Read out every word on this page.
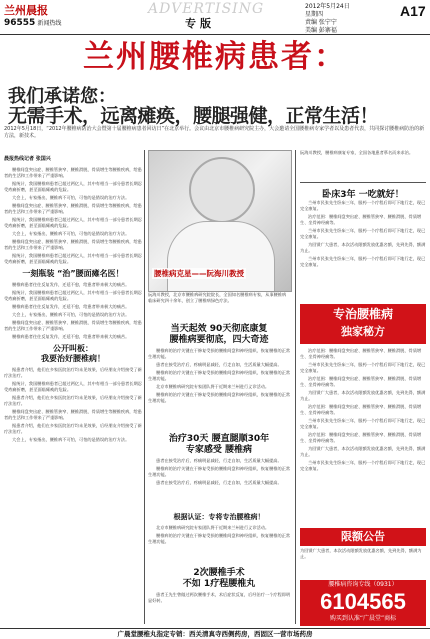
兰州晨报
96555 新闻热线
ADVERTISING
专版
2012年5月24日
星期四
责编 张宁宁
美编 彭寨福
A17
兰州腰椎病患者：
我们承诺您：
无需手术，远离瘫痪，腰腿强健，正常生活！
2012年5月18日，“2012年腰椎病防治大会暨第十届腰椎病患者回访日”在北京举行。会议由北京市腰椎病研究院主办，大会邀请全国腰椎病专家学者以及患者代表，共同探讨腰椎病防治的新方法，新技术。
晨报热线记者 张国兴

腰椎间盘突出症、腰椎管狭窄、腰椎滑脱、骨质增生等腰椎疾病，给患者的生活和工作带来了严重影响。

据统计，我国腰椎病患者已超过两亿人，其中有相当一部分患者长期忍受疼痛折磨，甚至面临瘫痪的危险。

大会上，专家指出，腰椎病不可怕，可怕的是错误的治疗方法。

腰椎间盘突出症、腰椎管狭窄、腰椎滑脱、骨质增生等腰椎疾病，给患者的生活和工作带来了严重影响。

据统计，我国腰椎病患者已超过两亿人，其中有相当一部分患者长期忍受疼痛折磨，甚至面临瘫痪的危险。

大会上，专家指出，腰椎病不可怕，可怕的是错误的治疗方法。

腰椎间盘突出症、腰椎管狭窄、腰椎滑脱、骨质增生等腰椎疾病，给患者的生活和工作带来了严重影响。

据统计，我国腰椎病患者已超过两亿人，其中有相当一部分患者长期忍受疼痛折磨，甚至面临瘫痪的危险。

一刻瓶装 “治”腰面瘫名医！

腰椎病患者往往反复发作，迁延不愈，给患者带来极大的痛苦。

据统计，我国腰椎病患者已超过两亿人，其中有相当一部分患者长期忍受疼痛折磨，甚至面临瘫痪的危险。

腰椎病患者往往反复发作，迁延不愈，给患者带来极大的痛苦。

大会上，专家指出，腰椎病不可怕，可怕的是错误的治疗方法。

腰椎间盘突出症、腰椎管狭窄、腰椎滑脱、骨质增生等腰椎疾病，给患者的生活和工作带来了严重影响。

腰椎病患者往往反复发作，迁延不愈，给患者带来极大的痛苦。

公开叫板：
我要治好腰椎病！

据患者介绍，他们在多家医院治疗均未见效果，后经朋友介绍接受了新疗法治疗。

据统计，我国腰椎病患者已超过两亿人，其中有相当一部分患者长期忍受疼痛折磨，甚至面临瘫痪的危险。

据患者介绍，他们在多家医院治疗均未见效果，后经朋友介绍接受了新疗法治疗。

腰椎间盘突出症、腰椎管狭窄、腰椎滑脱、骨质增生等腰椎疾病，给患者的生活和工作带来了严重影响。

据患者介绍，他们在多家医院治疗均未见效果，后经朋友介绍接受了新疗法治疗。

大会上，专家指出，腰椎病不可怕，可怕的是错误的治疗方法。

腰椎病克星——阮海川教授
阮海川教授，北京市腰椎病研究院院长，全国知名腰椎病专家，从事腰椎病临床研究四十余年，创立了腰椎病绿色疗法。
当天起效 90天彻底康复
腰椎病要彻底，四大奇迹

腰椎病的治疗关键在于修复受损的腰椎间盘和神经组织，恢复腰椎的正常生理功能。

患者在接受治疗后，疼痛明显减轻，行走自如，生活质量大幅提高。

腰椎病的治疗关键在于修复受损的腰椎间盘和神经组织，恢复腰椎的正常生理功能。

北京市腰椎病研究院专家团队将于近期来兰州进行义诊活动。

腰椎病的治疗关键在于修复受损的腰椎间盘和神经组织，恢复腰椎的正常生理功能。

治疗30天 腰直腿顺30年
专家感受 腰椎病

患者在接受治疗后，疼痛明显减轻，行走自如，生活质量大幅提高。

腰椎病的治疗关键在于修复受损的腰椎间盘和神经组织，恢复腰椎的正常生理功能。

患者在接受治疗后，疼痛明显减轻，行走自如，生活质量大幅提高。

根据认证：专将专治腰椎病！

北京市腰椎病研究院专家团队将于近期来兰州进行义诊活动。

腰椎病的治疗关键在于修复受损的腰椎间盘和神经组织，恢复腰椎的正常生理功能。

2次腰椎手术
不如 1疗程腰椎丸

患者王先生曾做过两次腰椎手术，术后症状反复，后经治疗一个疗程即明显好转。

阮海川教授，腰椎病康复专家，全国各地患者慕名而来求治。
卧床3年 一吃就好！

兰州市民张先生卧床三年，服药一个疗程后即可下地行走，现已完全康复。

治疗范围：腰椎间盘突出症、腰椎管狭窄、腰椎滑脱、骨质增生、坐骨神经痛等。

兰州市民张先生卧床三年，服药一个疗程后即可下地行走，现已完全康复。

为回馈广大患者，本次活动限额发放优惠名额，先到先得，额满为止。

兰州市民张先生卧床三年，服药一个疗程后即可下地行走，现已完全康复。

专治腰椎病
独家秘方

治疗范围：腰椎间盘突出症、腰椎管狭窄、腰椎滑脱、骨质增生、坐骨神经痛等。

兰州市民张先生卧床三年，服药一个疗程后即可下地行走，现已完全康复。

治疗范围：腰椎间盘突出症、腰椎管狭窄、腰椎滑脱、骨质增生、坐骨神经痛等。

为回馈广大患者，本次活动限额发放优惠名额，先到先得，额满为止。

治疗范围：腰椎间盘突出症、腰椎管狭窄、腰椎滑脱、骨质增生、坐骨神经痛等。

兰州市民张先生卧床三年，服药一个疗程后即可下地行走，现已完全康复。

治疗范围：腰椎间盘突出症、腰椎管狭窄、腰椎滑脱、骨质增生、坐骨神经痛等。

为回馈广大患者，本次活动限额发放优惠名额，先到先得，额满为止。

兰州市民张先生卧床三年，服药一个疗程后即可下地行走，现已完全康复。

限额公告
为回馈广大患者，本次活动限额发放优惠名额，先到先得，额满为止。
腰椎病咨询专线（0931）
6104565
购买到认准“广晨堂”商标
广晨堂腰椎丸指定专销：西关清真寺西侧药房，西固区一营市场药房
